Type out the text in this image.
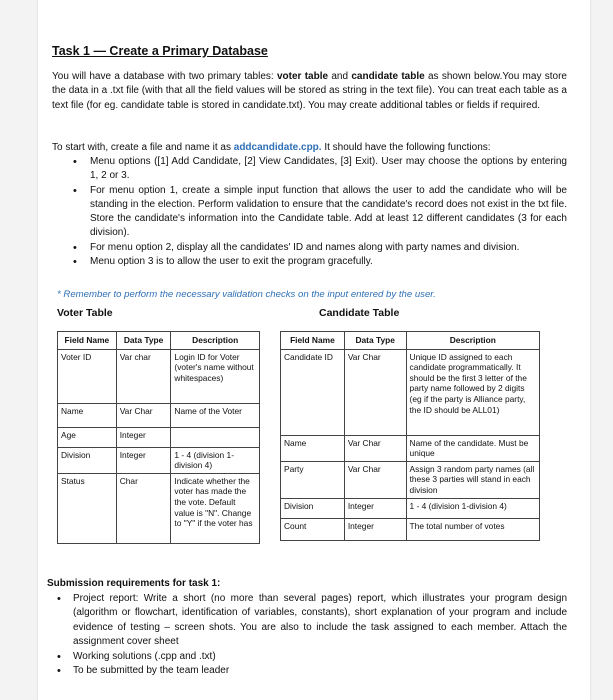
Task 1 — Create a Primary Database
You will have a database with two primary tables: voter table and candidate table as shown below.You may store the data in a .txt file (with that all the field values will be stored as string in the text file). You can treat each table as a text file (for eg. candidate table is stored in candidate.txt). You may create additional tables or fields if required.
To start with, create a file and name it as addcandidate.cpp. It should have the following functions:
• Menu options ([1] Add Candidate, [2] View Candidates, [3] Exit). User may choose the options by entering 1, 2 or 3.
• For menu option 1, create a simple input function that allows the user to add the candidate who will be standing in the election. Perform validation to ensure that the candidate's record does not exist in the txt file. Store the candidate's information into the Candidate table. Add at least 12 different candidates (3 for each division).
• For menu option 2, display all the candidates' ID and names along with party names and division.
• Menu option 3 is to allow the user to exit the program gracefully.
* Remember to perform the necessary validation checks on the input entered by the user.
Voter Table	Candidate Table
Field Name	Data Type	Description
Voter ID	Var char	Login ID for Voter (voter's name without whitespaces)
Name	Var Char	Name of the Voter
Age	Integer	
Division	Integer	1 - 4 (division 1- division 4)
Status	Char	Indicate whether the voter has made the the vote. Default value is "N". Change to "Y" if the voter has
Field Name	Data Type	Description
Candidate ID	Var Char	Unique ID assigned to each candidate programmatically. It should be the first 3 letter of the party name followed by 2 digits (eg if the party is Alliance party, the ID should be ALL01)
Name	Var Char	Name of the candidate. Must be unique
Party	Var Char	Assign 3 random party names (all these 3 parties will stand in each division
Division	Integer	1 - 4 (division 1-division 4)
Count	Integer	The total number of votes
Submission requirements for task 1:
• Project report: Write a short (no more than several pages) report, which illustrates your program design (algorithm or flowchart, identification of variables, constants), short explanation of your program and include evidence of testing – screen shots. You are also to include the task assigned to each member. Attach the assignment cover sheet
• Working solutions (.cpp and .txt)
• To be submitted by the team leader
